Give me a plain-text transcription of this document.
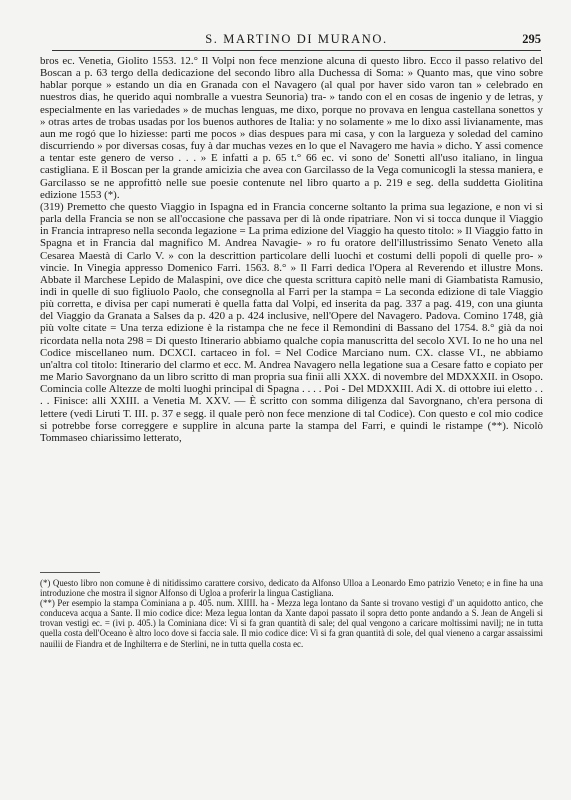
S. MARTINO DI MURANO.	295

bros ec. Venetia, Giolito 1553. 12.° Il Volpi non fece menzione alcuna di questo libro. Ecco il passo relativo del Boscan a p. 63 tergo della dedicazione del secondo libro alla Duchessa di Soma: » Quanto mas, que vino sobre hablar porque » estando un dia en Granada con el Navagero (al qual por haver sido varon tan » celebrado en nuestros dias, he querido aqui nombralle a vuestra Seunoria) tra- » tando con el en cosas de ingenio y de letras, y especialmente en las variedades » de muchas lenguas, me dixo, porque no provava en lengua castellana sonettos y » otras artes de trobas usadas por los buenos authores de Italia: y no solamente » me lo dixo assi livianamente, mas aun me rogó que lo hiziesse: partì me pocos » dias despues para mi casa, y con la largueza y soledad del camino discurriendo » por diversas cosas, fuy à dar muchas vezes en lo que el Navagero me havia » dicho. Y assi comence a tentar este genero de verso . . . » E infatti a p. 65 t.° 66 ec. vi sono de' Sonetti all'uso italiano, in lingua castigliana. E il Boscan per la grande amicizia che avea con Garcilasso de la Vega comunicogli la stessa maniera, e Garcilasso se ne approfittò nelle sue poesie contenute nel libro quarto a p. 219 e seg. della suddetta Giolitina edizione 1553 (*).

(319) Premetto che questo Viaggio in Ispagna ed in Francia concerne soltanto la prima sua legazione, e non vi si parla della Francia se non se all'occasione che passava per di là onde ripatriare. Non vi si tocca dunque il Viaggio in Francia intrapreso nella seconda legazione = La prima edizione del Viaggio ha questo titolo: » Il Viaggio fatto in Spagna et in Francia dal magnifico M. Andrea Navagie- » ro fu oratore dell'illustrissimo Senato Veneto alla Cesarea Maestà di Carlo V. » con la descrittion particolare delli luochi et costumi delli popoli di quelle pro- » vincie. In Vinegia appresso Domenico Farri. 1563. 8.° » Il Farri dedica l'Opera al Reverendo et illustre Mons. Abbate il Marchese Lepido de Malaspini, ove dice che questa scrittura capitò nelle mani di Giambatista Ramusio, indi in quelle di suo figliuolo Paolo, che consegnolla al Farri per la stampa = La seconda edizione di tale Viaggio più corretta, e divisa per capi numerati è quella fatta dal Volpi, ed inserita da pag. 337 a pag. 419, con una giunta del Viaggio da Granata a Salses da p. 420 a p. 424 inclusive, nell'Opere del Navagero. Padova. Comino 1748, già più volte citate = Una terza edizione è la ristampa che ne fece il Remondini di Bassano del 1754. 8.° già da noi ricordata nella nota 298 = Di questo Itinerario abbiamo qualche copia manuscritta del secolo XVI. Io ne ho una nel Codice miscellaneo num. DCXCI. cartaceo in fol. = Nel Codice Marciano num. CX. classe VI., ne abbiamo un'altra col titolo: Itinerario del clarmo et ecc. M. Andrea Navagero nella legatione sua a Cesare fatto e copiato per me Mario Savorgnano da un libro scritto di man propria sua finii alli XXX. di novembre del MDXXXII. in Osopo. Comincia colle Altezze de molti luoghi principal di Spagna . . . . Poi - Del MDXXIII. Adi X. di ottobre iui eletto . . . . Finisce: alli XXIII. a Venetia M. XXV. — È scritto con somma diligenza dal Savorgnano, ch'era persona di lettere (vedi Liruti T. III. p. 37 e segg. il quale però non fece menzione di tal Codice). Con questo e col mio codice si potrebbe forse correggere e supplire in alcuna parte la stampa del Farri, e quindi le ristampe (**). Nicolò Tommaseo chiarissimo letterato,

(*) Questo libro non comune è di nitidissimo carattere corsivo, dedicato da Alfonso Ulloa a Leonardo Emo patrizio Veneto; e in fine ha una introduzione che mostra il signor Alfonso di Ugloa a proferir la lingua Castigliana.

(**) Per esempio la stampa Cominiana a p. 405. num. XIIII. ha - Mezza lega lontano da Sante si trovano vestigi d' un aquidotto antico, che conduceva acqua a Sante. Il mio codice dice: Meza legua lontan da Xante dapoi passato il sopra detto ponte andando a S. Jean de Angeli si trovan vestigi ec. = (ivi p. 405.) la Cominiana dice: Vi si fa gran quantità di sale; del qual vengono a caricare moltissimi navilj; ne in tutta quella costa dell'Oceano è altro loco dove si faccia sale. Il mio codice dice: Vi si fa gran quantità di sole, del qual vieneno a cargar assaissimi nauilii de Fiandra et de Inghilterra e de Sterlini, ne in tutta quella costa ec.
